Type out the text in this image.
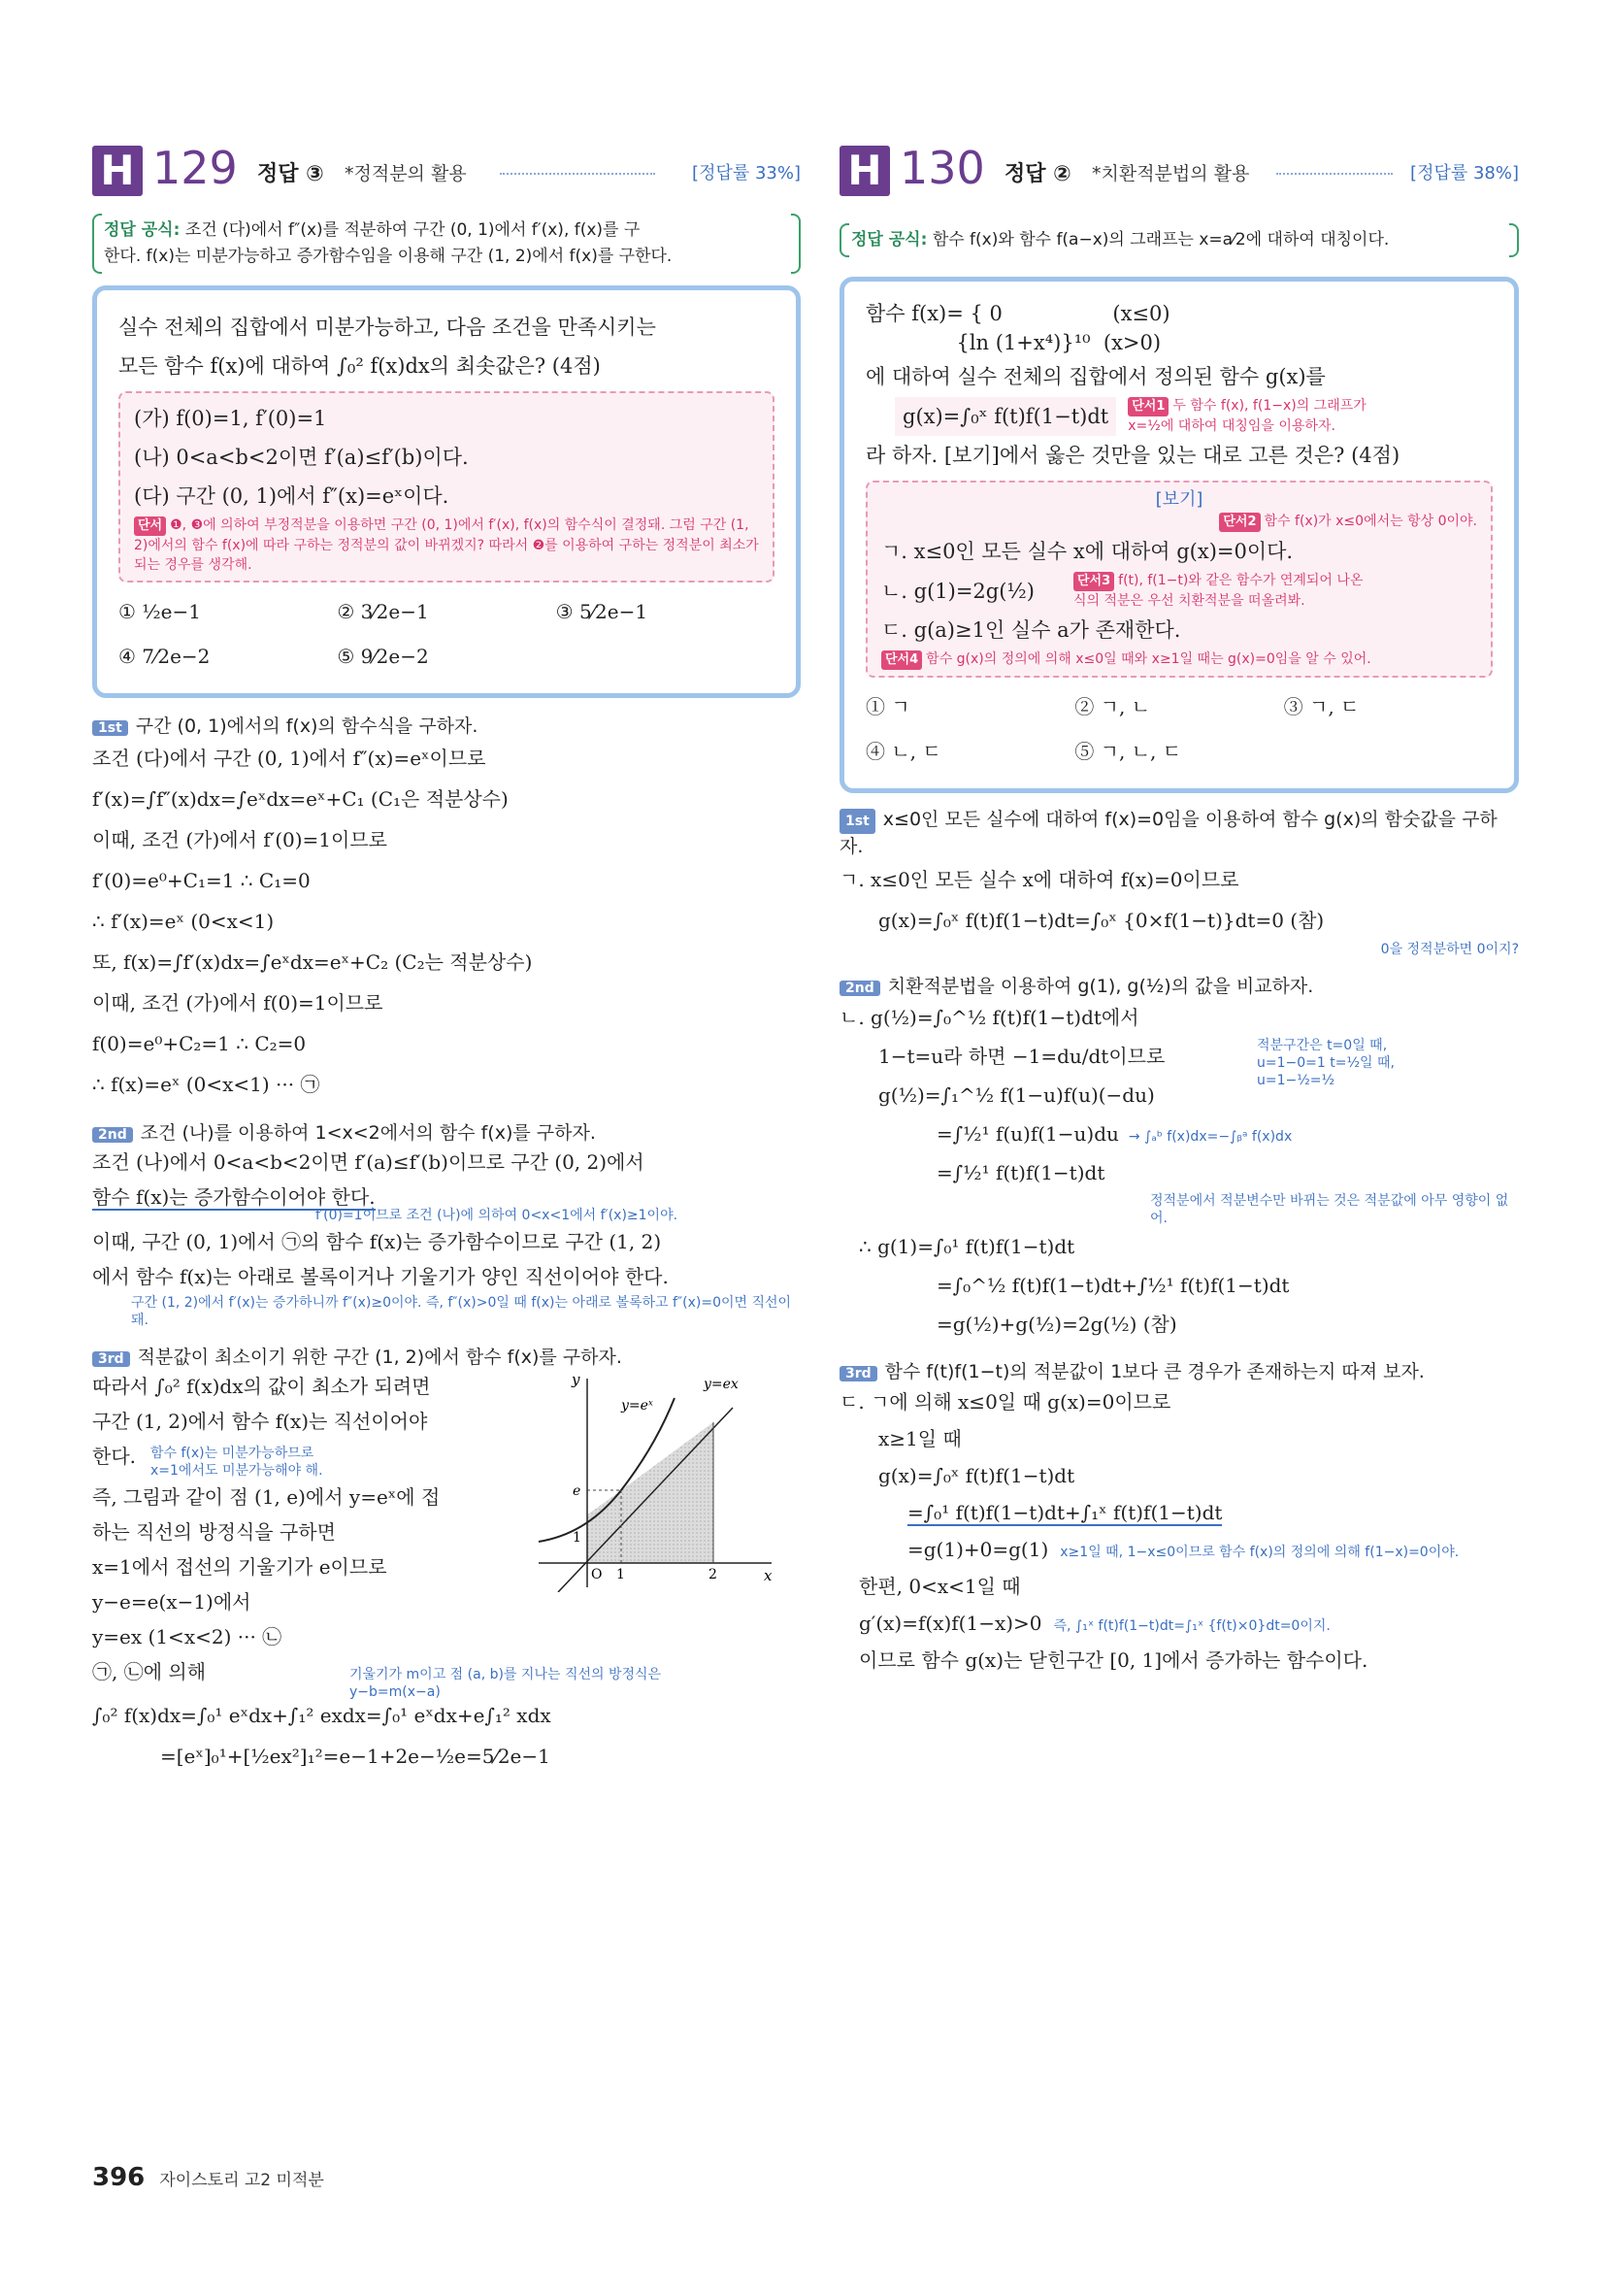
H 129 정답 ③ *정적분의 활용	[정답률 33%]
정답 공식: 조건 (다)에서 f″(x)를 적분하여 구간 (0, 1)에서 f′(x), f(x)를 구
한다. f(x)는 미분가능하고 증가함수임을 이용해 구간 (1, 2)에서 f(x)를 구한다.
실수 전체의 집합에서 미분가능하고, 다음 조건을 만족시키는
모든 함수 f(x)에 대하여 ∫₀² f(x)dx의 최솟값은? (4점)
(가) f(0)=1, f′(0)=1
(나) 0<a<b<2이면 f′(a)≤f′(b)이다.
(다) 구간 (0, 1)에서 f″(x)=eˣ이다.
단서 ❶, ❸에 의하여 부정적분을 이용하면 구간 (0, 1)에서 f′(x), f(x)의 함수식이 결정돼. 그럼 구간 (1, 2)에서의 함수 f(x)에 따라 구하는 정적분의 값이 바뀌겠지? 따라서 ❷를 이용하여 구하는 정적분이 최소가 되는 경우를 생각해.
① ½e−1	② 3⁄2e−1	③ 5⁄2e−1
④ 7⁄2e−2	⑤ 9⁄2e−2
1st 구간 (0, 1)에서의 f(x)의 함수식을 구하자.
조건 (다)에서 구간 (0, 1)에서 f″(x)=eˣ이므로
f′(x)=∫f″(x)dx=∫eˣdx=eˣ+C₁ (C₁은 적분상수)
이때, 조건 (가)에서 f′(0)=1이므로
f′(0)=e⁰+C₁=1 ∴ C₁=0
∴ f′(x)=eˣ (0<x<1)
또, f(x)=∫f′(x)dx=∫eˣdx=eˣ+C₂ (C₂는 적분상수)
이때, 조건 (가)에서 f(0)=1이므로
f(0)=e⁰+C₂=1 ∴ C₂=0
∴ f(x)=eˣ (0<x<1) ··· ㉠
2nd 조건 (나)를 이용하여 1<x<2에서의 함수 f(x)를 구하자.
조건 (나)에서 0<a<b<2이면 f′(a)≤f′(b)이므로 구간 (0, 2)에서
함수 f(x)는 증가함수이어야 한다.
f′(0)=1이므로 조건 (나)에 의하여 0<x<1에서 f′(x)≥1이야.
이때, 구간 (0, 1)에서 ㉠의 함수 f(x)는 증가함수이므로 구간 (1, 2)
에서 함수 f(x)는 아래로 볼록이거나 기울기가 양인 직선이어야 한다.
구간 (1, 2)에서 f′(x)는 증가하니까 f″(x)≥0이야. 즉, f″(x)>0일 때 f(x)는 아래로 볼록하고 f″(x)=0이면 직선이 돼.
3rd 적분값이 최소이기 위한 구간 (1, 2)에서 함수 f(x)를 구하자.
따라서 ∫₀² f(x)dx의 값이 최소가 되려면
구간 (1, 2)에서 함수 f(x)는 직선이어야
한다.	함수 f(x)는 미분가능하므로 x=1에서도 미분가능해야 해.
즉, 그림과 같이 점 (1, e)에서 y=eˣ에 접
하는 직선의 방정식을 구하면
x=1에서 접선의 기울기가 e이므로
y−e=e(x−1)에서
y=ex (1<x<2) ··· ㉡
㉠, ㉡에 의해	기울기가 m이고 점 (a, b)를 지나는 직선의 방정식은 y−b=m(x−a)
y
x
y=ex
y=eˣ
e
1
O 1	2
∫₀² f(x)dx=∫₀¹ eˣdx+∫₁² exdx=∫₀¹ eˣdx+e∫₁² xdx
=[eˣ]₀¹+[½ex²]₁²=e−1+2e−½e=5⁄2e−1
H 130 정답 ② *치환적분법의 활용	[정답률 38%]
정답 공식: 함수 f(x)와 함수 f(a−x)의 그래프는 x=a⁄2에 대하여 대칭이다.
함수 f(x)= { 0                 (x≤0)
{ln (1+x⁴)}¹⁰  (x>0)
에 대하여 실수 전체의 집합에서 정의된 함수 g(x)를
g(x)=∫₀ˣ f(t)f(1−t)dt	단서1 두 함수 f(x), f(1−x)의 그래프가 x=½에 대하여 대칭임을 이용하자.
라 하자. [보기]에서 옳은 것만을 있는 대로 고른 것은? (4점)
[보기]
단서2 함수 f(x)가 x≤0에서는 항상 0이야.
ㄱ. x≤0인 모든 실수 x에 대하여 g(x)=0이다.
ㄴ. g(1)=2g(½)	단서3 f(t), f(1−t)와 같은 함수가 연계되어 나온 식의 적분은 우선 치환적분을 떠올려봐.
ㄷ. g(a)≥1인 실수 a가 존재한다.
단서4 함수 g(x)의 정의에 의해 x≤0일 때와 x≥1일 때는 g(x)=0임을 알 수 있어.
① ㄱ	② ㄱ, ㄴ	③ ㄱ, ㄷ
④ ㄴ, ㄷ	⑤ ㄱ, ㄴ, ㄷ
1st x≤0인 모든 실수에 대하여 f(x)=0임을 이용하여 함수 g(x)의 함숫값을 구하자.
ㄱ. x≤0인 모든 실수 x에 대하여 f(x)=0이므로
g(x)=∫₀ˣ f(t)f(1−t)dt=∫₀ˣ {0×f(1−t)}dt=0 (참)
0을 정적분하면 0이지?
2nd 치환적분법을 이용하여 g(1), g(½)의 값을 비교하자.
ㄴ. g(½)=∫₀^½ f(t)f(1−t)dt에서
1−t=u라 하면 −1=du/dt이므로	적분구간은 t=0일 때, u=1−0=1 t=½일 때, u=1−½=½
g(½)=∫₁^½ f(1−u)f(u)(−du)
=∫½¹ f(u)f(1−u)du → ∫ₐᵇ f(x)dx=−∫ᵦᵃ f(x)dx
=∫½¹ f(t)f(1−t)dt
정적분에서 적분변수만 바뀌는 것은 적분값에 아무 영향이 없어.
∴ g(1)=∫₀¹ f(t)f(1−t)dt
=∫₀^½ f(t)f(1−t)dt+∫½¹ f(t)f(1−t)dt
=g(½)+g(½)=2g(½) (참)
3rd 함수 f(t)f(1−t)의 적분값이 1보다 큰 경우가 존재하는지 따져 보자.
ㄷ. ㄱ에 의해 x≤0일 때 g(x)=0이므로
x≥1일 때
g(x)=∫₀ˣ f(t)f(1−t)dt
=∫₀¹ f(t)f(1−t)dt+∫₁ˣ f(t)f(1−t)dt
=g(1)+0=g(1) x≥1일 때, 1−x≤0이므로 함수 f(x)의 정의에 의해 f(1−x)=0이야.
한편, 0<x<1일 때
g′(x)=f(x)f(1−x)>0 즉, ∫₁ˣ f(t)f(1−t)dt=∫₁ˣ {f(t)×0}dt=0이지.
이므로 함수 g(x)는 닫힌구간 [0, 1]에서 증가하는 함수이다.
396 자이스토리 고2 미적분
